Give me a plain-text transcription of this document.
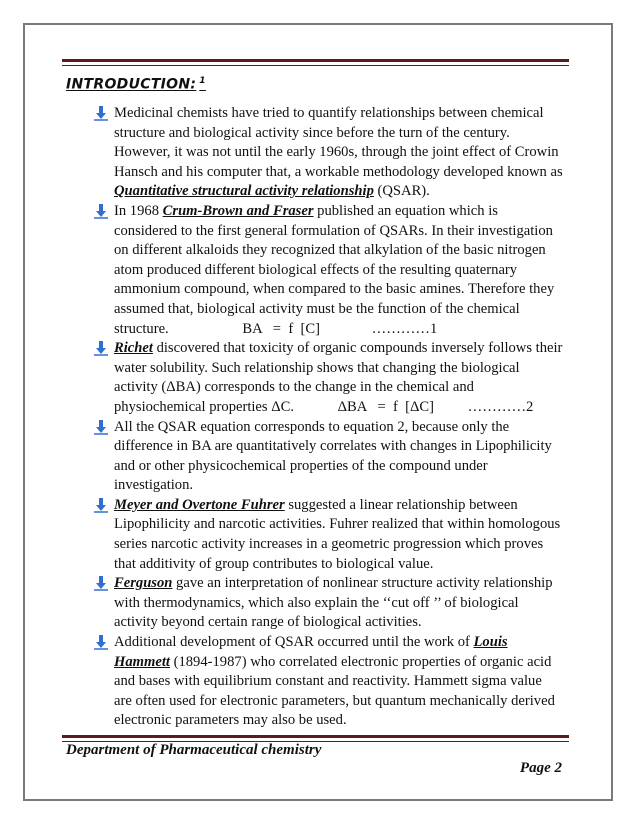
INTRODUCTION: $^1$
Medicinal chemists have tried to quantify relationships between chemical structure and biological activity since before the turn of the century. However, it was not until the early 1960s, through the joint effect of Crowin Hansch and his computer that, a workable methodology developed known as Quantitative structural activity relationship (QSAR).
In 1968 Crum-Brown and Fraser published an equation which is considered to the first general formulation of QSARs. In their investigation on different alkaloids they recognized that alkylation of the basic nitrogen atom produced different biological effects of the resulting quaternary ammonium compound, when compared to the basic amines. Therefore they assumed that, biological activity must be the function of the chemical structure.	BA   =  f  [C]	…………1
Richet discovered that toxicity of organic compounds inversely follows their water solubility. Such relationship shows that changing the biological activity (ΔBA) corresponds to the change in the chemical and physiochemical properties ΔC.	ΔBA   =  f  [ΔC] …………2
All the QSAR equation corresponds to equation 2, because only the difference in BA are quantitatively correlates with changes in Lipophilicity and or other physicochemical properties of the compound under investigation.
Meyer and Overtone Fuhrer suggested a linear relationship between Lipophilicity and narcotic activities. Fuhrer realized that within homologous series narcotic activity increases in a geometric progression which proves that additivity of group contributes to biological value.
Ferguson gave an interpretation of nonlinear structure activity relationship with thermodynamics, which also explain the ‘‘cut off ’’ of biological activity beyond certain range of biological activities.
Additional development of QSAR occurred until the work of Louis Hammett (1894-1987) who correlated electronic properties of organic acid and bases with equilibrium constant and reactivity. Hammett sigma value are often used for electronic parameters, but quantum mechanically derived electronic parameters may also be used.
Department of Pharmaceutical chemistry
Page 2
